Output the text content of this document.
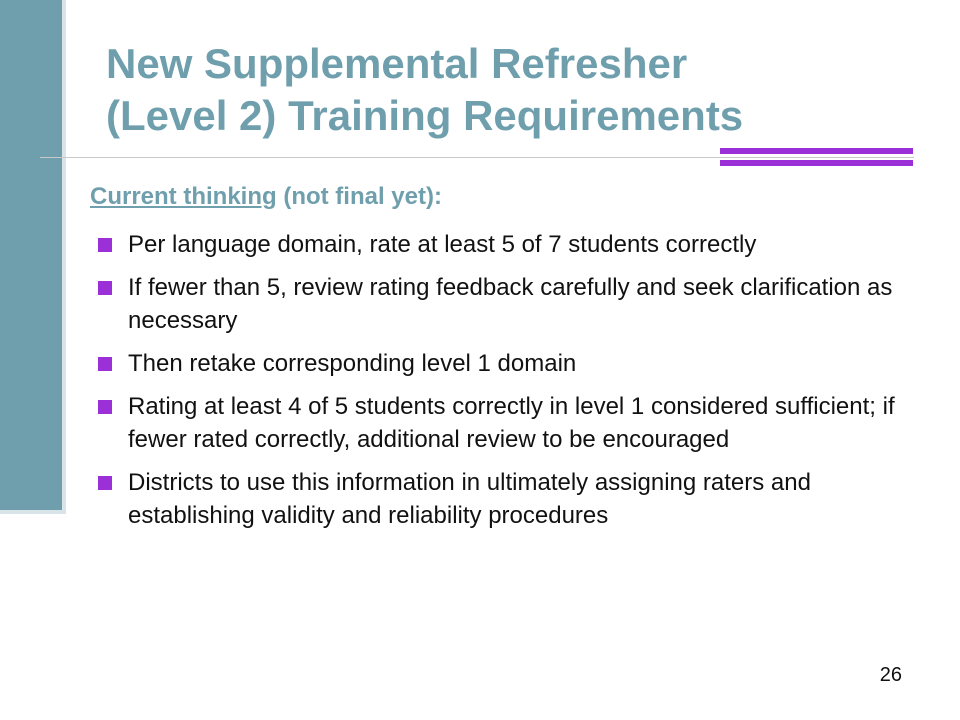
New Supplemental Refresher
(Level 2) Training Requirements

Current thinking (not final yet):

Per language domain, rate at least 5 of 7 students correctly
If fewer than 5, review rating feedback carefully and seek clarification as necessary
Then retake corresponding level 1 domain
Rating at least 4 of 5 students correctly in level 1 considered sufficient; if fewer rated correctly, additional review to be encouraged
Districts to use this information in ultimately assigning raters and establishing validity and reliability procedures
26
